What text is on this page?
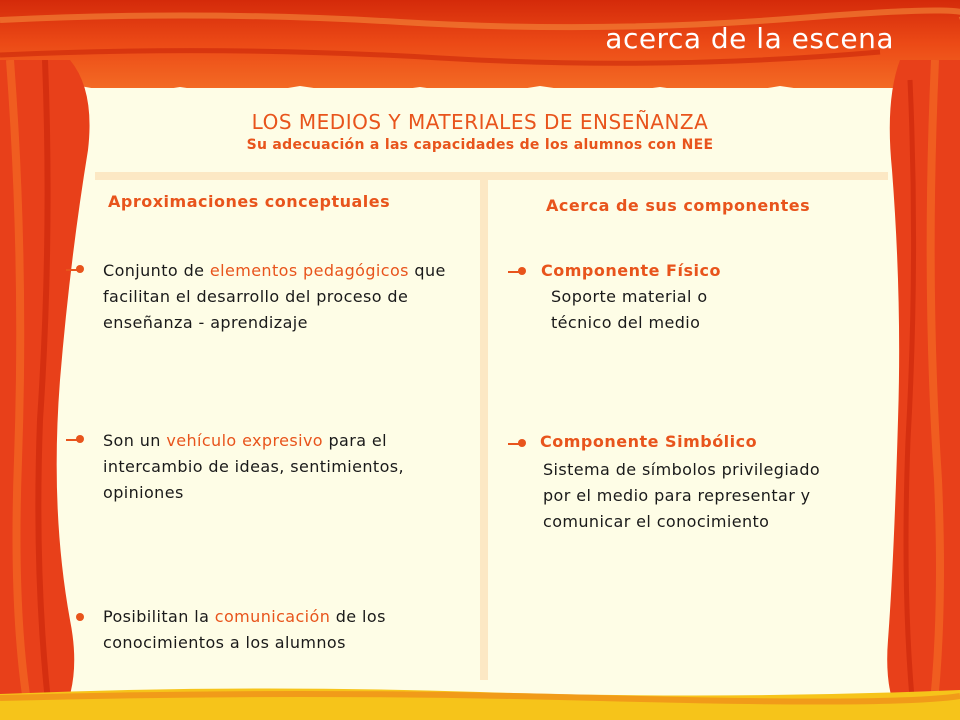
acerca de la escena
LOS MEDIOS Y MATERIALES DE ENSEÑANZA
Su adecuación a las capacidades de los alumnos con NEE
Aproximaciones conceptuales
Conjunto de elementos pedagógicos que facilitan el desarrollo del proceso de enseñanza - aprendizaje
Son un vehículo expresivo para el intercambio de ideas, sentimientos, opiniones
Posibilitan la comunicación de los conocimientos a los alumnos
Acerca de sus componentes
Componente Físico
Soporte material o
técnico del medio
Componente Simbólico
Sistema de símbolos privilegiado
por el medio para representar y
comunicar el conocimiento
